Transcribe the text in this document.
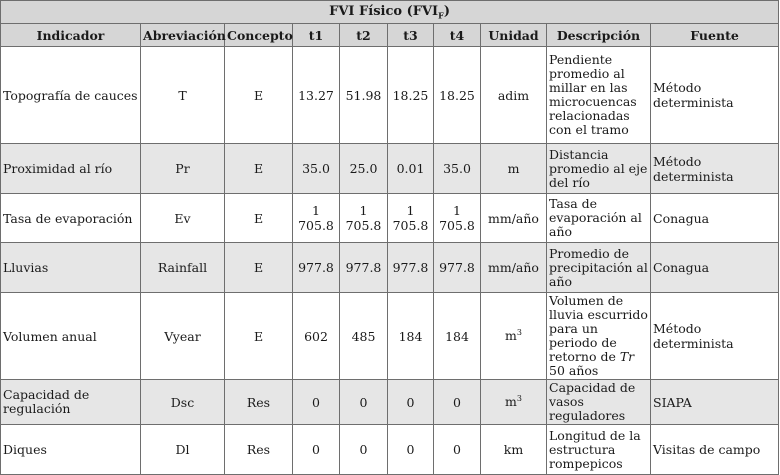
FVI Físico $(FVI_F)$									
Indicador	Abreviación	Concepto	t1	t2	t3	t4	Unidad	Descripción	Fuente
Topografía de cauces	T	E	13.27	51.98	18.25	18.25	adim	Pendiente promedio al millar en las microcuencas relacionadas con el tramo	Método determinista
Proximidad al río	Pr	E	35.0	25.0	0.01	35.0	m	Distancia promedio al eje del río	Método determinista
Tasa de evaporación	Ev	E	1 705.8	1 705.8	1 705.8	1 705.8	mm/año	Tasa de evaporación al año	Conagua
Lluvias	Rainfall	E	977.8	977.8	977.8	977.8	mm/año	Promedio de precipitación al año	Conagua
Volumen anual	Vyear	E	602	485	184	184	$m^3$	Volumen de lluvia escurrido para un periodo de retorno de Tr 50 años	Método determinista
Capacidad de regulación	Dsc	Res	0	0	0	0	$m^3$	Capacidad de vasos reguladores	SIAPA
Diques	Dl	Res	0	0	0	0	km	Longitud de la estructura rompepicos	Visitas de campo
